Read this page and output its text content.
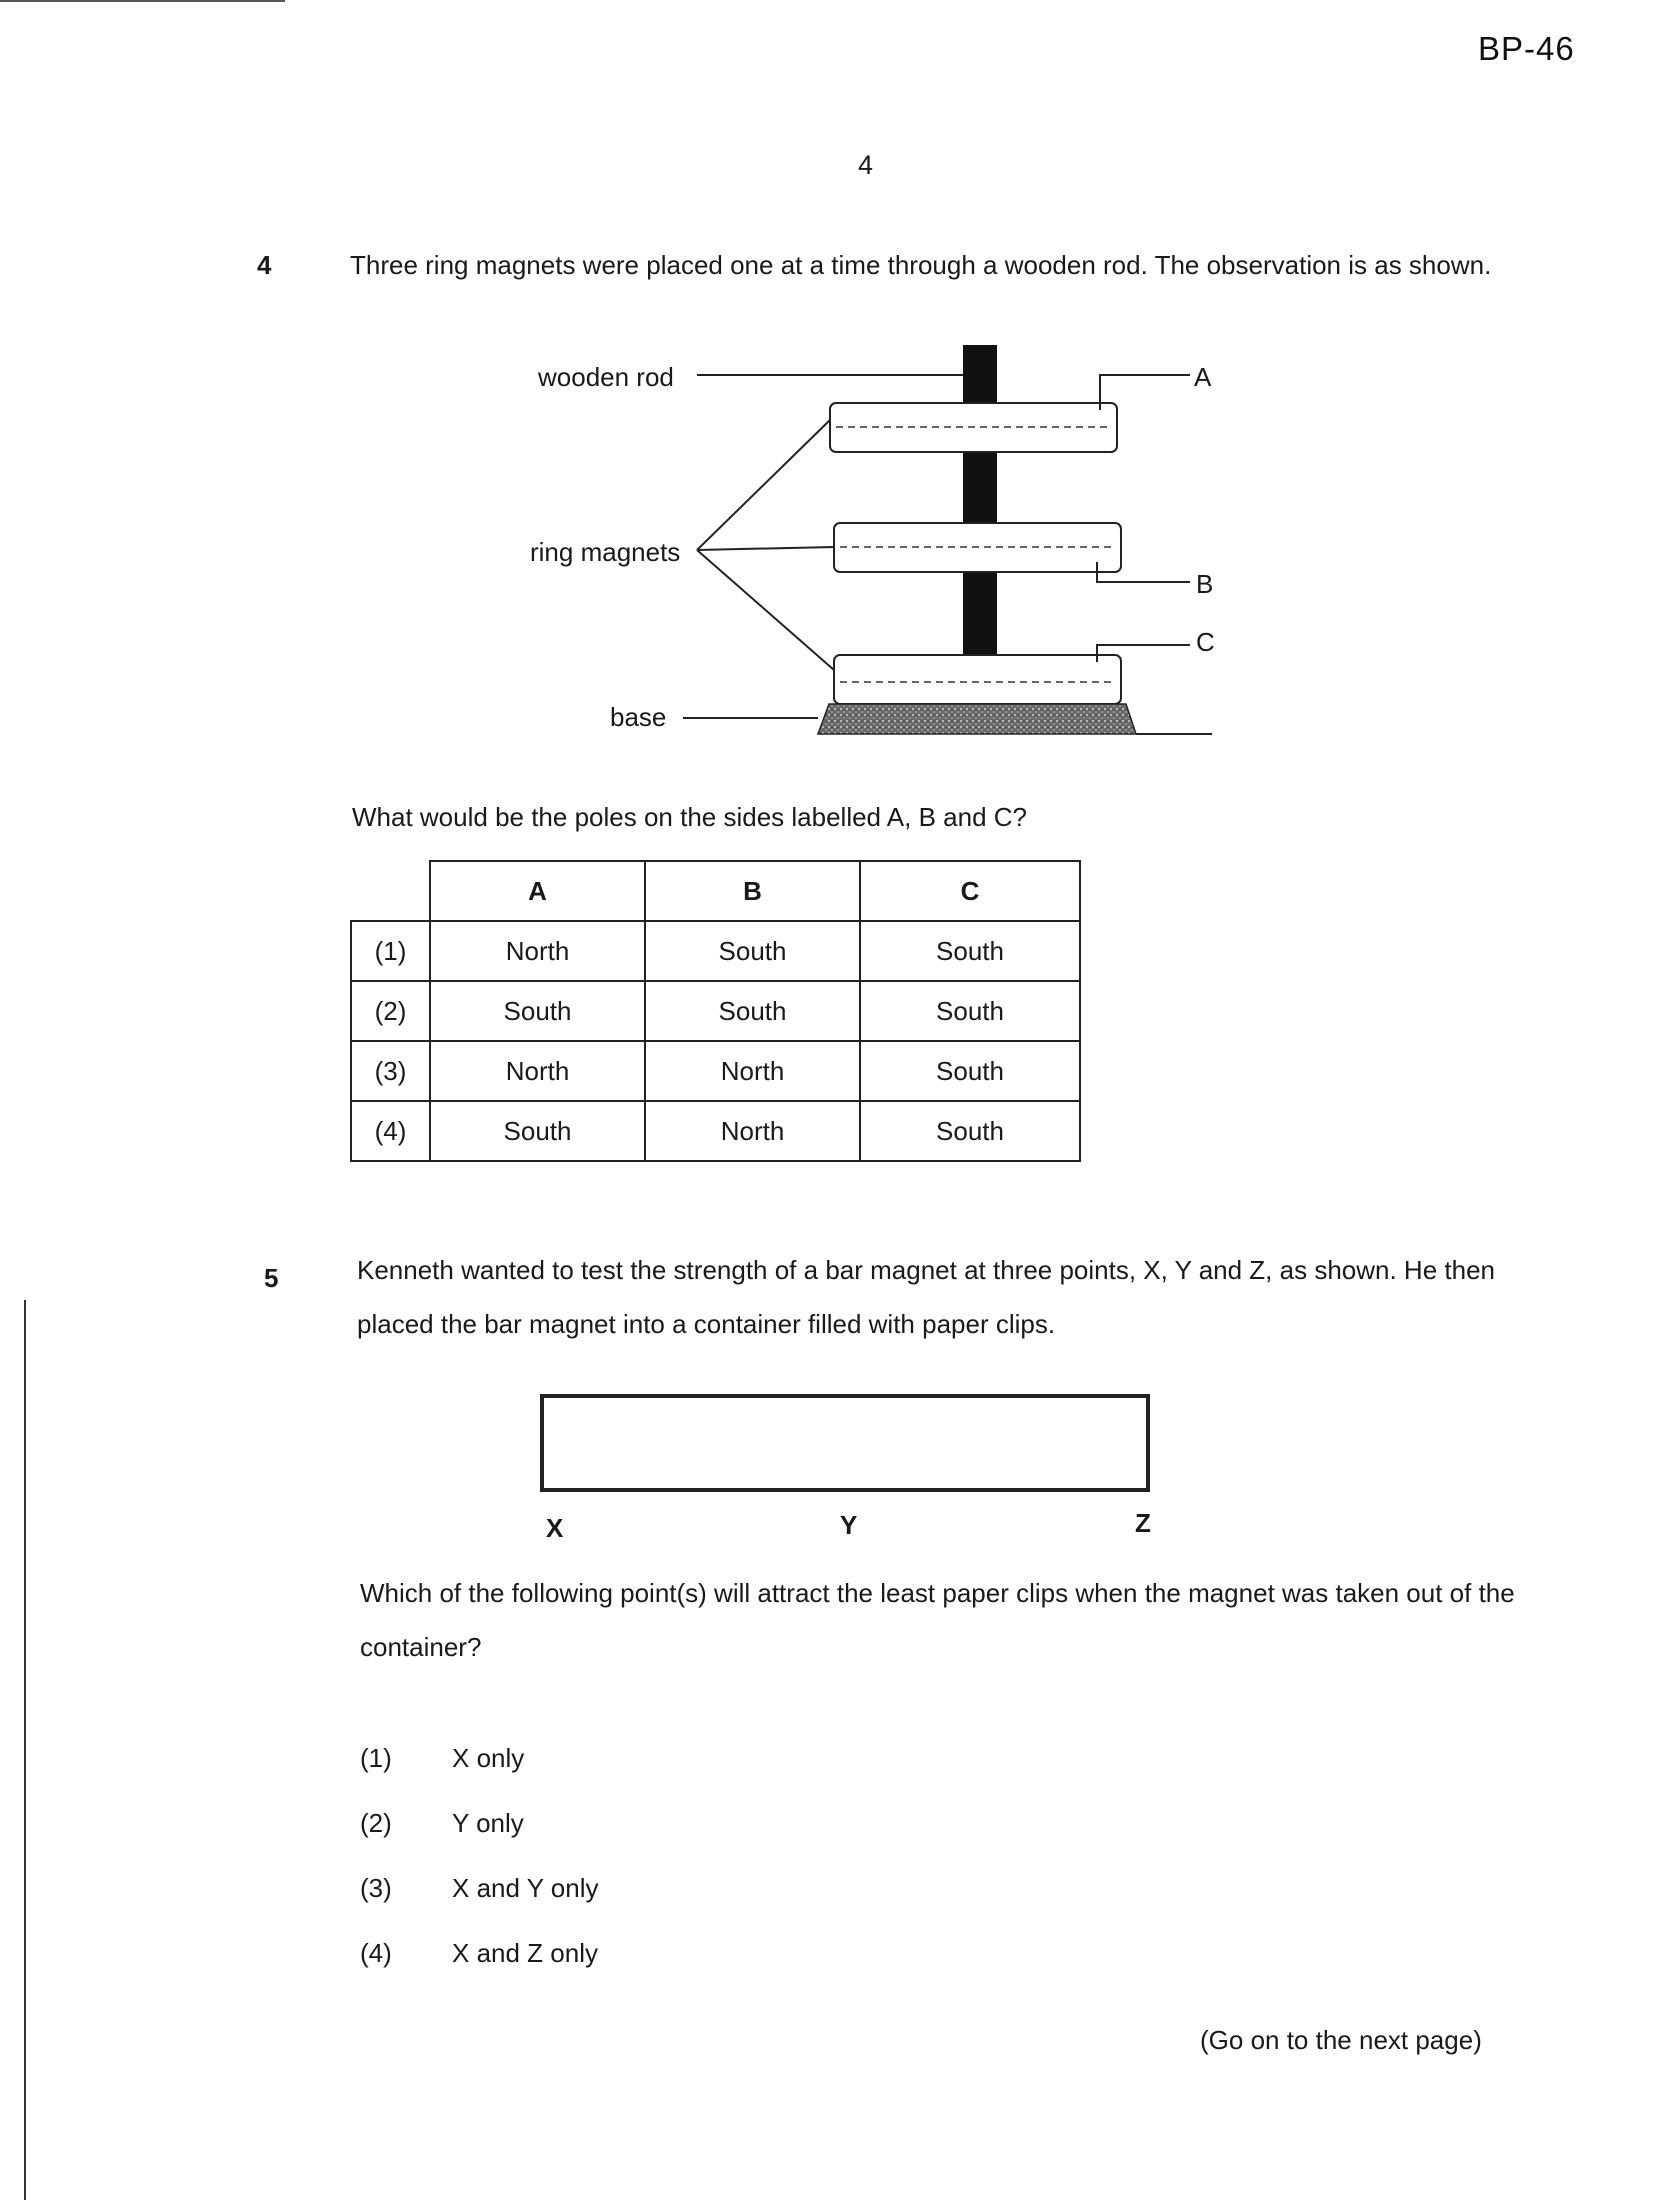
BP-46
4
4	Three ring magnets were placed one at a time through a wooden rod. The observation is as shown.
wooden rod
ring magnets
base
A
B
C
What would be the poles on the sides labelled A, B and C?
	A	B	C
(1)	North	South	South
(2)	South	South	South
(3)	North	North	South
(4)	South	North	South
5	Kenneth wanted to test the strength of a bar magnet at three points, X, Y and Z, as shown. He then placed the bar magnet into a container filled with paper clips.
X	Y	Z
Which of the following point(s) will attract the least paper clips when the magnet was taken out of the container?
(1) X only
(2) Y only
(3) X and Y only
(4) X and Z only
(Go on to the next page)
